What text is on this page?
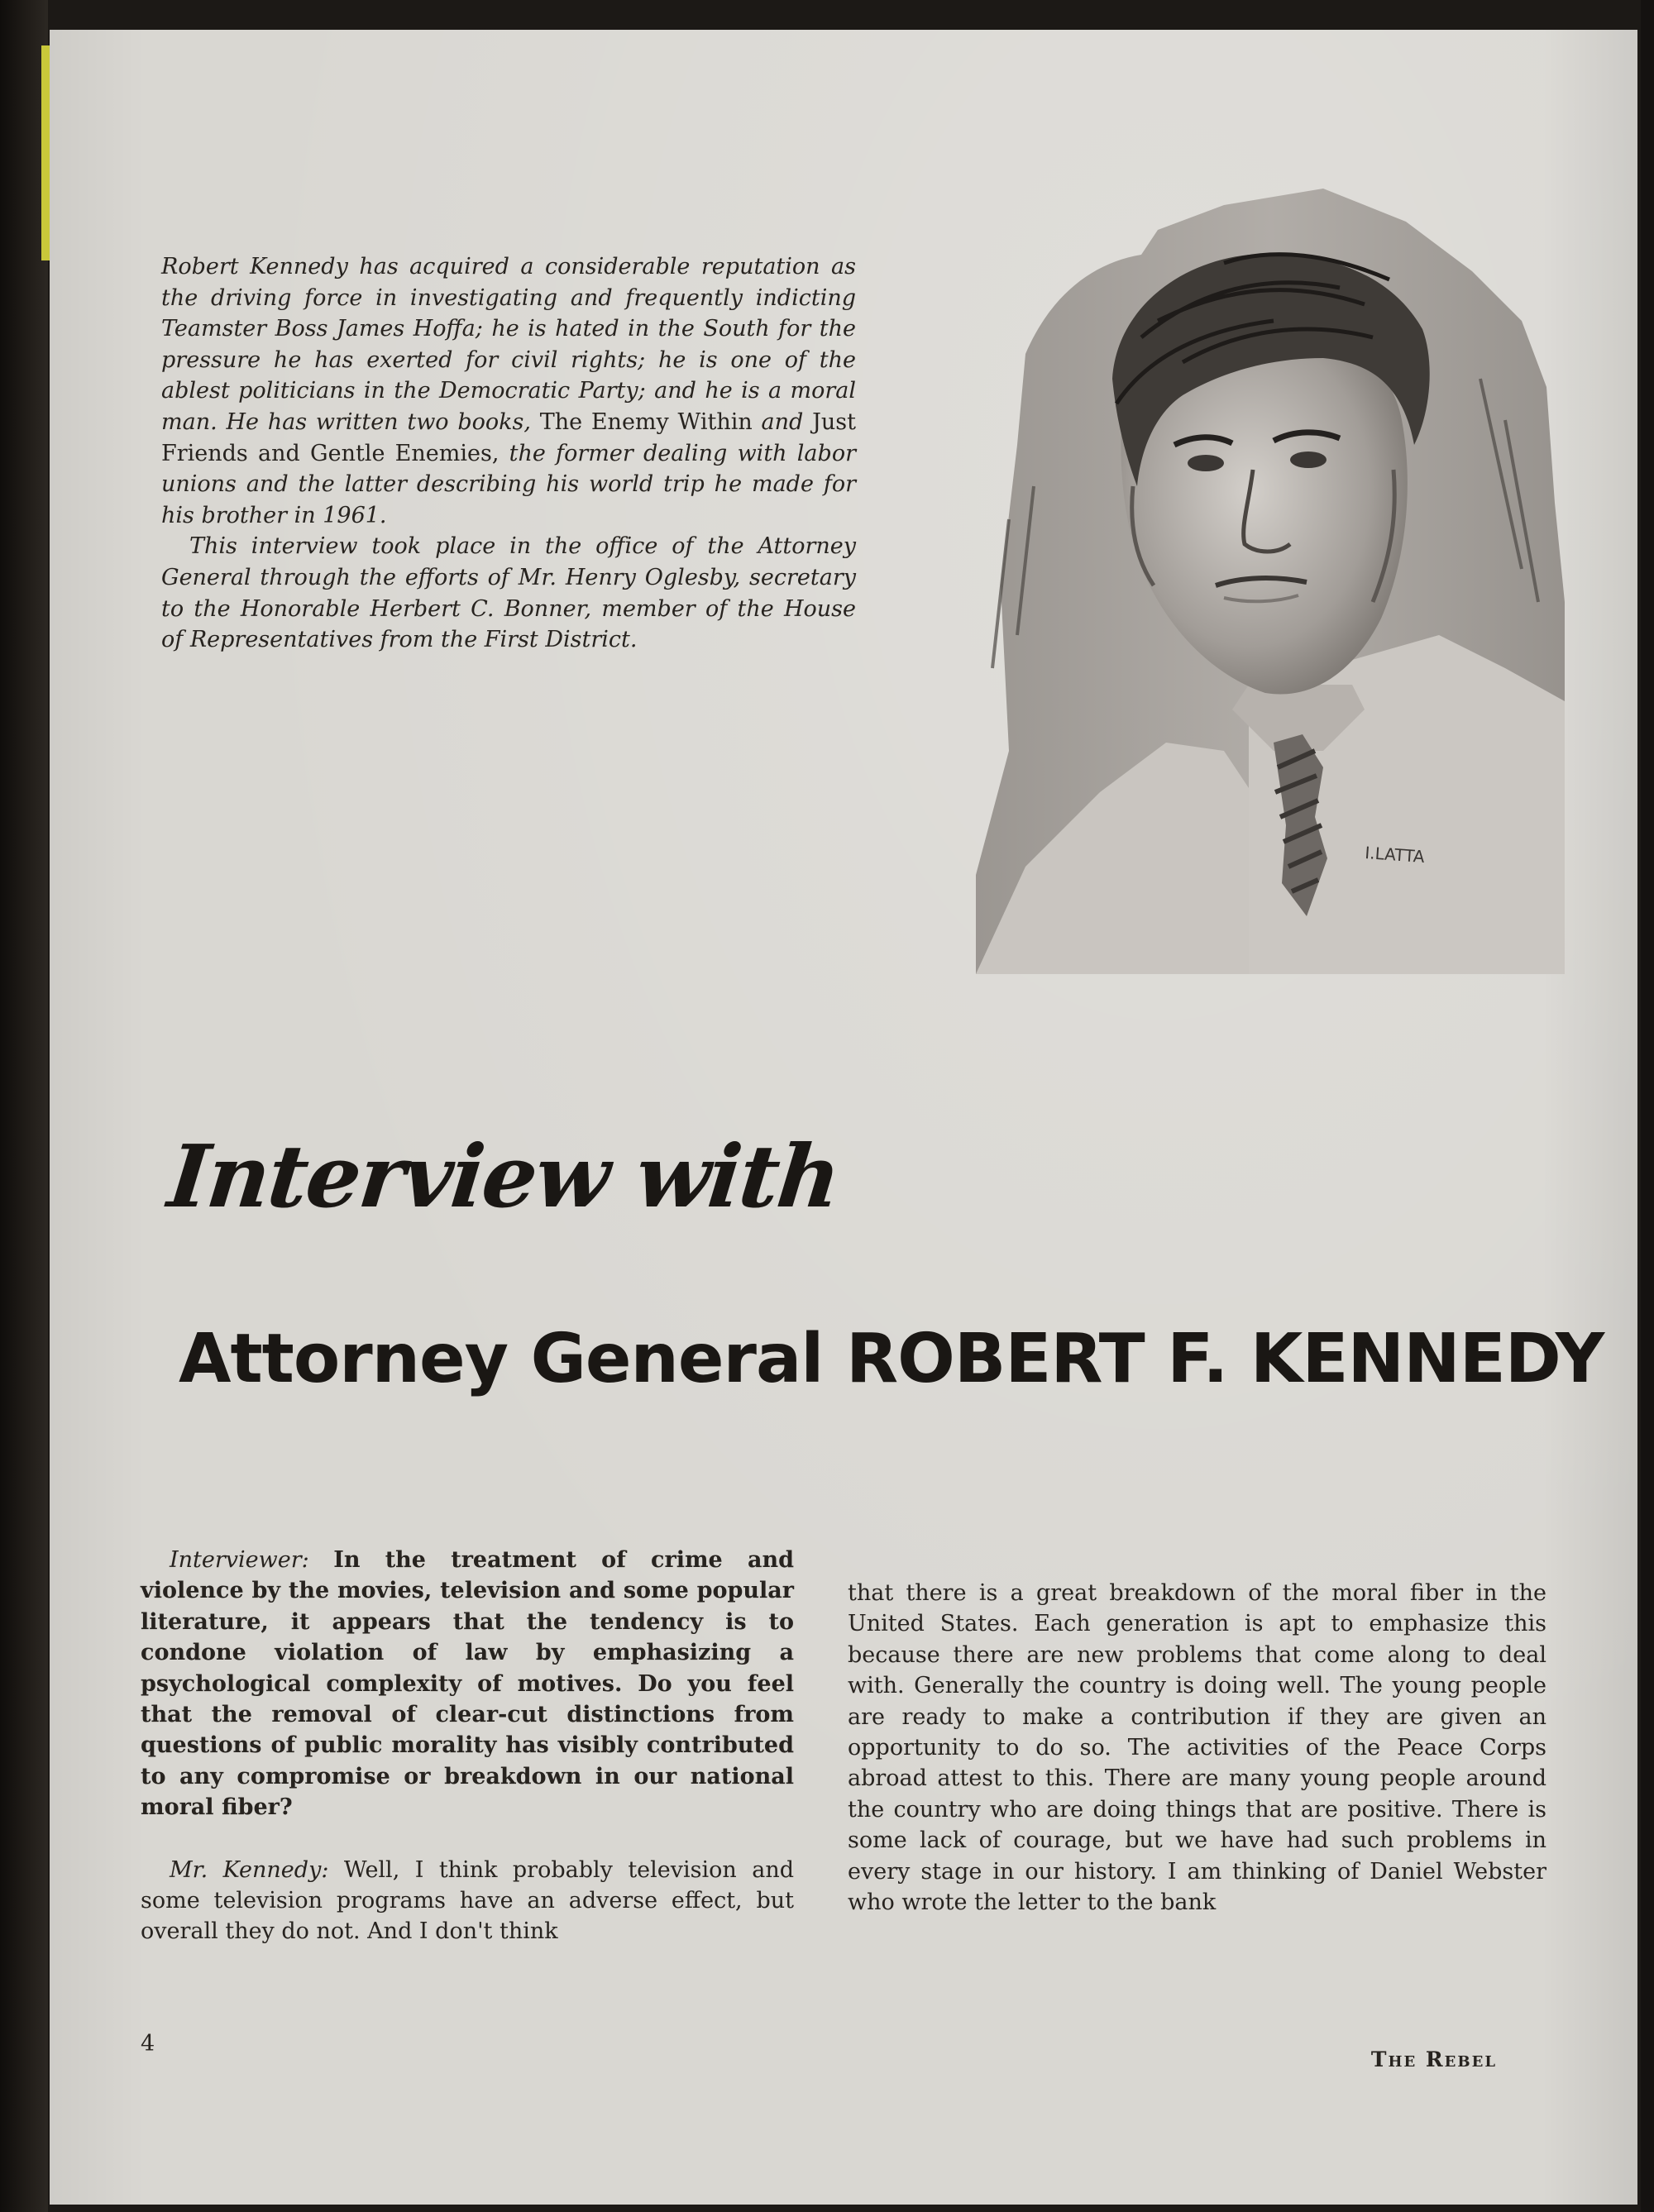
Robert Kennedy has acquired a considerable reputation as the driving force in investigating and frequently indicting Teamster Boss James Hoffa; he is hated in the South for the pressure he has exerted for civil rights; he is one of the ablest politicians in the Democratic Party; and he is a moral man. He has written two books, The Enemy Within and Just Friends and Gentle Enemies, the former dealing with labor unions and the latter describing his world trip he made for his brother in 1961.

This interview took place in the office of the Attorney General through the efforts of Mr. Henry Oglesby, secretary to the Honorable Herbert C. Bonner, member of the House of Representatives from the First District.

I.LATTA
Interview with
Attorney General ROBERT F. KENNEDY

Interviewer: In the treatment of crime and violence by the movies, television and some popular literature, it appears that the tendency is to condone violation of law by emphasizing a psychological complexity of motives. Do you feel that the removal of clear-cut distinctions from questions of public morality has visibly contributed to any compromise or breakdown in our national moral fiber?

Mr. Kennedy: Well, I think probably television and some television programs have an adverse effect, but overall they do not. And I don't think

that there is a great breakdown of the moral fiber in the United States. Each generation is apt to emphasize this because there are new problems that come along to deal with. Generally the country is doing well. The young people are ready to make a contribution if they are given an opportunity to do so. The activities of the Peace Corps abroad attest to this. There are many young people around the country who are doing things that are positive. There is some lack of courage, but we have had such problems in every stage in our history. I am thinking of Daniel Webster who wrote the letter to the bank

4
The Rebel
